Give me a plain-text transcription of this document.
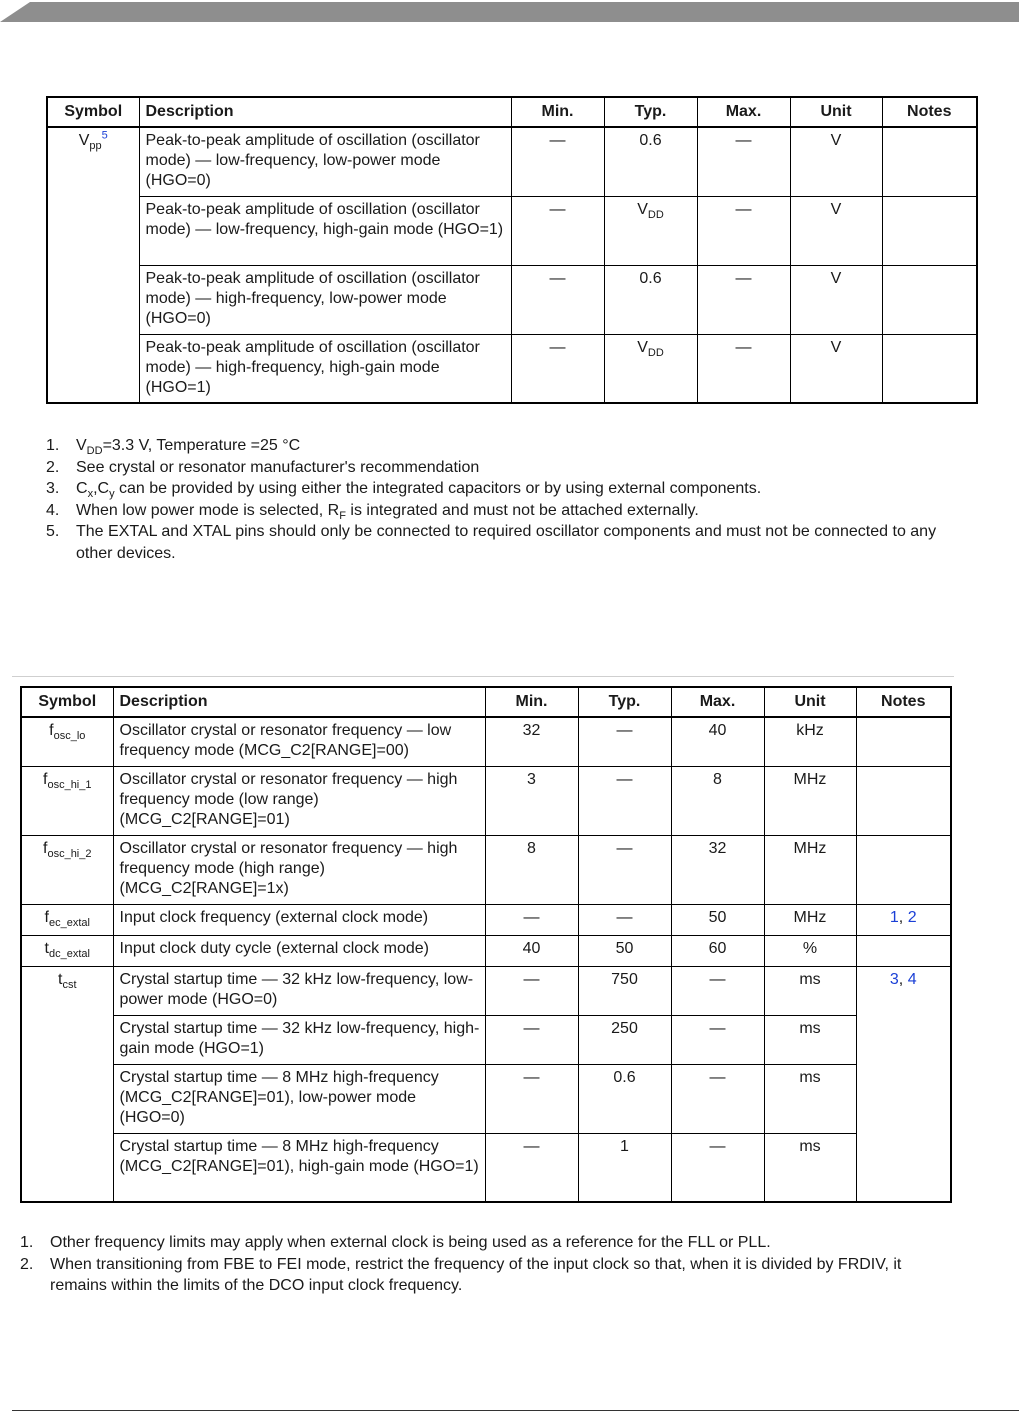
Symbol	Description	Min.	Typ.	Max.	Unit	Notes
$V_{pp}^5$	Peak-to-peak amplitude of oscillation (oscillator mode) — low-frequency, low-power mode (HGO=0)	—	0.6	—	V	
	Peak-to-peak amplitude of oscillation (oscillator mode) — low-frequency, high-gain mode (HGO=1)	—	$V_{DD}$	—	V	
	Peak-to-peak amplitude of oscillation (oscillator mode) — high-frequency, low-power mode (HGO=0)	—	0.6	—	V	
	Peak-to-peak amplitude of oscillation (oscillator mode) — high-frequency, high-gain mode (HGO=1)	—	$V_{DD}$	—	V	
1. $V_{DD}=3.3$ V, Temperature =25 °C
2. See crystal or resonator manufacturer's recommendation
3. $C_x,C_y$ can be provided by using either the integrated capacitors or by using external components.
4. When low power mode is selected, $R_F$ is integrated and must not be attached externally.
5. The EXTAL and XTAL pins should only be connected to required oscillator components and must not be connected to any other devices.
Symbol	Description	Min.	Typ.	Max.	Unit	Notes
$f_{osc\_lo}$	Oscillator crystal or resonator frequency — low frequency mode (MCG_C2[RANGE]=00)	32	—	40	kHz	
$f_{osc\_hi\_1}$	Oscillator crystal or resonator frequency — high frequency mode (low range) (MCG_C2[RANGE]=01)	3	—	8	MHz	
$f_{osc\_hi\_2}$	Oscillator crystal or resonator frequency — high frequency mode (high range) (MCG_C2[RANGE]=1x)	8	—	32	MHz	
$f_{ec\_extal}$	Input clock frequency (external clock mode)	—	—	50	MHz	1, 2
$t_{dc\_extal}$	Input clock duty cycle (external clock mode)	40	50	60	%	
$t_{cst}$	Crystal startup time — 32 kHz low-frequency, low-power mode (HGO=0)	—	750	—	ms	3, 4
	Crystal startup time — 32 kHz low-frequency, high-gain mode (HGO=1)	—	250	—	ms	
	Crystal startup time — 8 MHz high-frequency (MCG_C2[RANGE]=01), low-power mode (HGO=0)	—	0.6	—	ms	
	Crystal startup time — 8 MHz high-frequency (MCG_C2[RANGE]=01), high-gain mode (HGO=1)	—	1	—	ms	
1. Other frequency limits may apply when external clock is being used as a reference for the FLL or PLL.
2. When transitioning from FBE to FEI mode, restrict the frequency of the input clock so that, when it is divided by FRDIV, it remains within the limits of the DCO input clock frequency.
